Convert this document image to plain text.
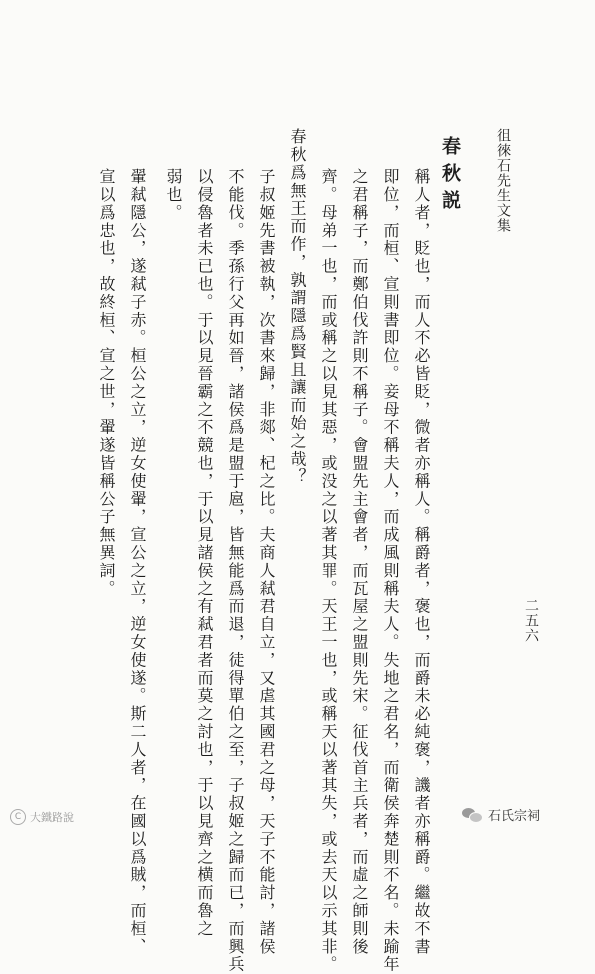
徂徠石先生文集
二五六
春秋説
稱人者，貶也，而人不必皆貶，微者亦稱人。稱爵者，褒也，而爵未必純褒，譏者亦稱爵。繼故不書
即位，而桓、宣則書即位。妾母不稱夫人，而成風則稱夫人。失地之君名，而衛侯奔楚則不名。未踰年
之君稱子，而鄭伯伐許則不稱子。會盟先主會者，而瓦屋之盟則先宋。征伐首主兵者，而虛之師則後
齊。母弟一也，而或稱之以見其惡，或没之以著其罪。天王一也，或稱天以著其失，或去天以示其非。
春秋爲無王而作，孰謂隱爲賢且讓而始之哉？
子叔姬先書被執，次書來歸，非郯、杞之比。夫商人弒君自立，又虐其國君之母，天子不能討，諸侯
不能伐。季孫行父再如晉，諸侯爲是盟于扈，皆無能爲而退，徒得單伯之至，子叔姬之歸而已，而興兵
以侵魯者未已也。于以見晉霸之不競也，于以見諸侯之有弒君者而莫之討也，于以見齊之横而魯之
弱也。
翬弒隱公，遂弒子赤。桓公之立，逆女使翬，宣公之立，逆女使遂。斯二人者，在國以爲賊，而桓、
宣以爲忠也，故終桓、宣之世，翬遂皆稱公子無異詞。
C 大鐵路說	石氏宗祠
